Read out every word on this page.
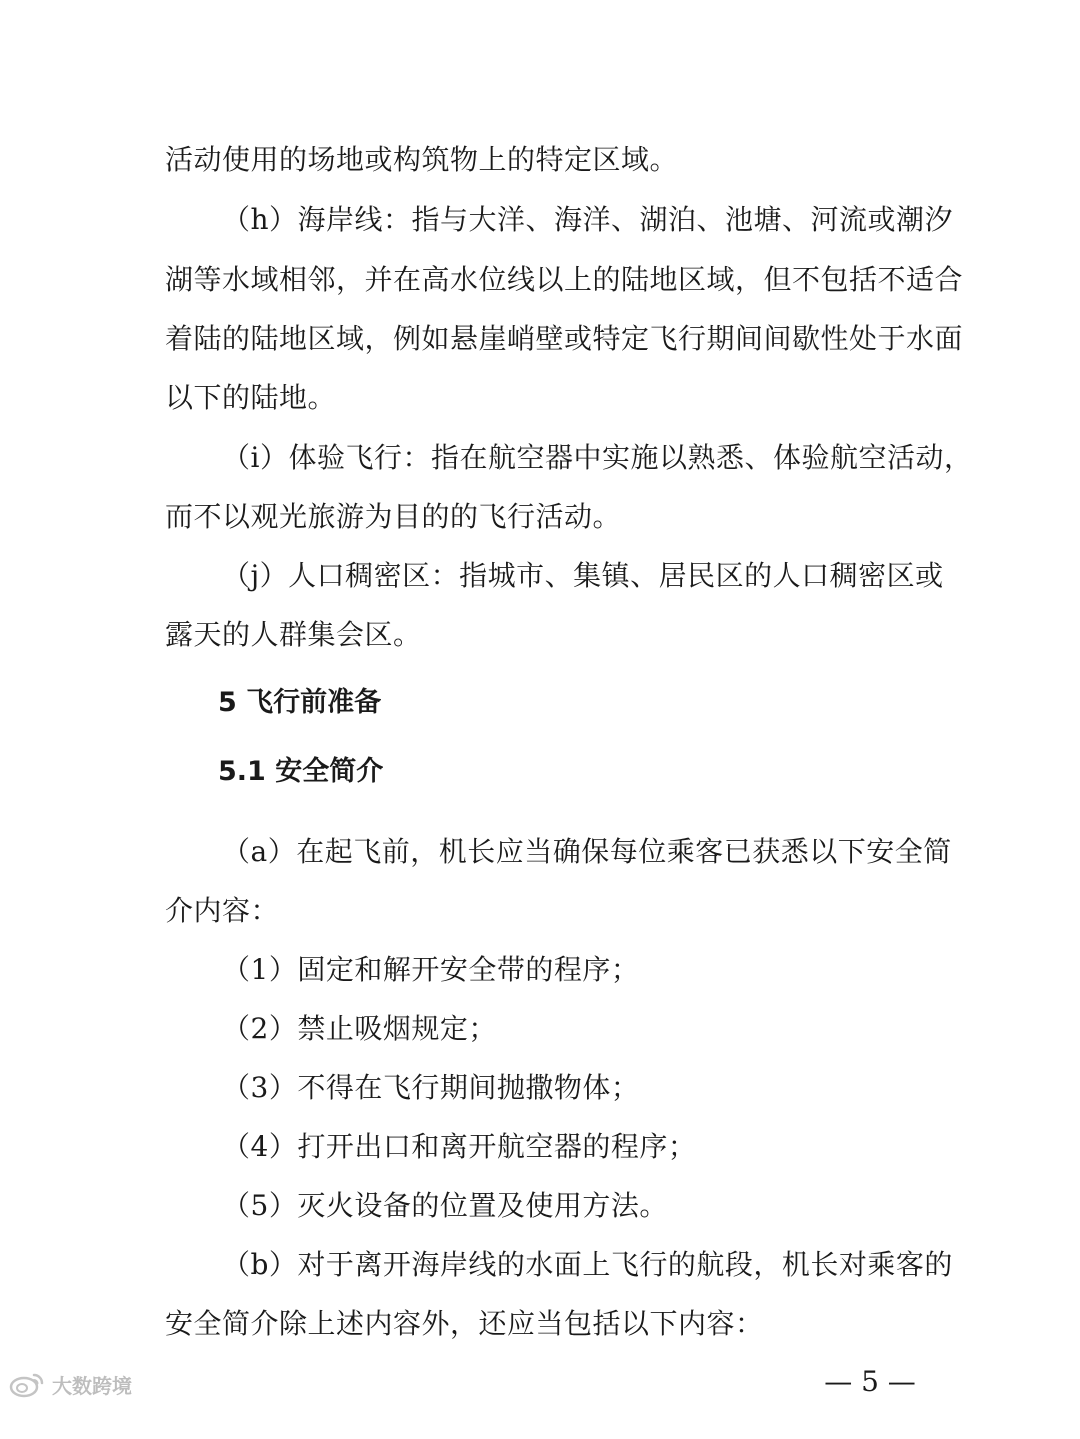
活动使用的场地或构筑物上的特定区域。
（h）海岸线：指与大洋、海洋、湖泊、池塘、河流或潮汐
湖等水域相邻，并在高水位线以上的陆地区域，但不包括不适合
着陆的陆地区域，例如悬崖峭壁或特定飞行期间间歇性处于水面
以下的陆地。
（i）体验飞行：指在航空器中实施以熟悉、体验航空活动，
而不以观光旅游为目的的飞行活动。
（j）人口稠密区：指城市、集镇、居民区的人口稠密区或
露天的人群集会区。
5 飞行前准备
5.1 安全简介
（a）在起飞前，机长应当确保每位乘客已获悉以下安全简
介内容：
（1）固定和解开安全带的程序；
（2）禁止吸烟规定；
（3）不得在飞行期间抛撒物体；
（4）打开出口和离开航空器的程序；
（5）灭火设备的位置及使用方法。
（b）对于离开海岸线的水面上飞行的航段，机长对乘客的
安全简介除上述内容外，还应当包括以下内容：
大数跨境	— 5 —
